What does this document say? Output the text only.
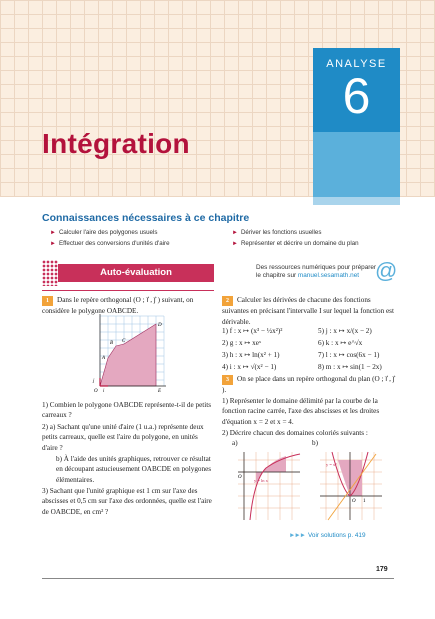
ANALYSE
6
Intégration
Connaissances nécessaires à ce chapitre
► Calculer l'aire des polygones usuels
► Effectuer des conversions d'unités d'aire
► Dériver les fonctions usuelles
► Représenter et décrire un domaine du plan
Auto-évaluation	Des ressources numériques pour préparer
le chapitre sur manuel.sesamath.net @
1 Dans le repère orthogonal (O ; i⃗ , j⃗ ) suivant, on considère le polygone OABCDE.
O
A
B C
D
E
i⃗
j⃗
1) Combien le polygone OABCDE représente-t-il de petits carreaux ?
2) a) Sachant qu'une unité d'aire (1 u.a.) représente deux petits carreaux, quelle est l'aire du polygone, en unités d'aire ?
b) À l'aide des unités graphiques, retrouver ce résultat en découpant astucieusement OABCDE en polygones élémentaires.
3) Sachant que l'unité graphique est 1 cm sur l'axe des abscisses et 0,5 cm sur l'axe des ordonnées, quelle est l'aire de OABCDE, en cm² ?
2 Calculer les dérivées de chacune des fonctions suivantes en précisant l'intervalle I sur lequel la fonction est dérivable.
1) f : x ↦ (x³ − ½x²)²	5) j : x ↦ x/(x − 2)
2) g : x ↦ xeˣ	6) k : x ↦ e^√x
3) h : x ↦ ln(x² + 1)	7) l : x ↦ cos(6x − 1)
4) i : x ↦ √(x² − 1)	8) m : x ↦ sin(1 − 2x)
3 On se place dans un repère orthogonal du plan (O ; i⃗ , j⃗ ).
1) Représenter le domaine délimité par la courbe de la fonction racine carrée, l'axe des abscisses et les droites d'équation x = 2 et x = 4.
2) Décrire chacun des domaines coloriés suivants :
a)	b)
y = ln x
O
y = x²
O 1
►►► Voir solutions p. 419
179
